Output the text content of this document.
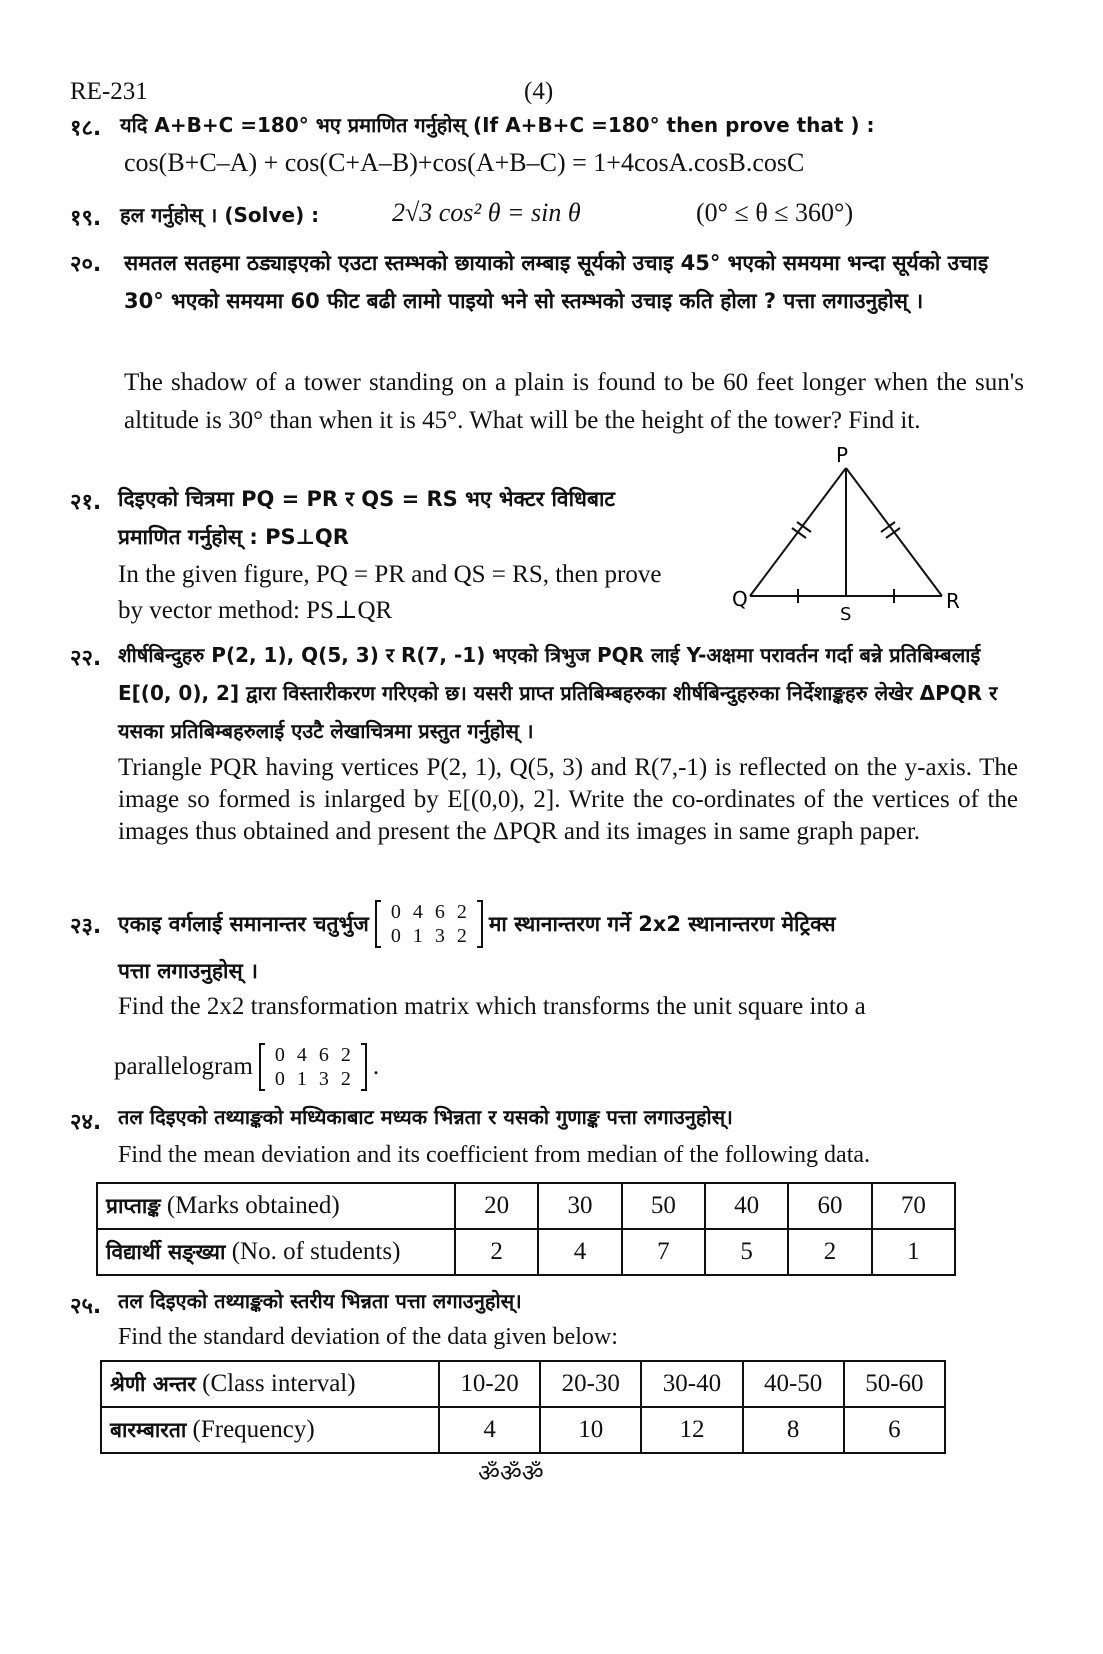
RE-231	(4)
१८. यदि A+B+C =180° भए प्रमाणित गर्नुहोस् (If A+B+C =180° then prove that ) :
cos(B+C–A) + cos(C+A–B)+cos(A+B–C) = 1+4cosA.cosB.cosC
१९. हल गर्नुहोस् । (Solve) :	2√3 cos² θ = sin θ	(0° ≤ θ ≤ 360°)
२०. समतल सतहमा ठड्याइएको एउटा स्तम्भको छायाको लम्बाइ सूर्यको उचाइ 45° भएको समयमा भन्दा सूर्यको उचाइ 30° भएको समयमा 60 फीट बढी लामो पाइयो भने सो स्तम्भको उचाइ कति होला ? पत्ता लगाउनुहोस् ।
The shadow of a tower standing on a plain is found to be 60 feet longer when the sun's altitude is 30° than when it is 45°. What will be the height of the tower? Find it.
२१. दिइएको चित्रमा PQ = PR र QS = RS भए भेक्टर विधिबाट
प्रमाणित गर्नुहोस् : PS⊥QR
In the given figure, PQ = PR and QS = RS, then prove
by vector method: PS⊥QR
P
Q	R
S
२२. शीर्षबिन्दुहरु P(2, 1), Q(5, 3) र R(7, -1) भएको त्रिभुज PQR लाई Y-अक्षमा परावर्तन गर्दा बन्ने प्रतिबिम्बलाई E[(0, 0), 2] द्वारा विस्तारीकरण गरिएको छ। यसरी प्राप्त प्रतिबिम्बहरुका शीर्षबिन्दुहरुका निर्देशाङ्कहरु लेखेर ΔPQR र यसका प्रतिबिम्बहरुलाई एउटै लेखाचित्रमा प्रस्तुत गर्नुहोस् ।
Triangle PQR having vertices P(2, 1), Q(5, 3) and R(7,-1) is reflected on the y-axis. The image so formed is inlarged by E[(0,0), 2]. Write the co-ordinates of the vertices of the images thus obtained and present the ΔPQR and its images in same graph paper.
२३. एकाइ वर्गलाई समानान्तर चतुर्भुज 0	4	6	2
0	1	3	2 मा स्थानान्तरण गर्ने 2x2 स्थानान्तरण मेट्रिक्स
पत्ता लगाउनुहोस् ।
Find the 2x2 transformation matrix which transforms the unit square into a
parallelogram 0	4	6	2
0	1	3	2 .
२४. तल दिइएको तथ्याङ्कको मध्यिकाबाट मध्यक भिन्नता र यसको गुणाङ्क पत्ता लगाउनुहोस्।
Find the mean deviation and its coefficient from median of the following data.
प्राप्ताङ्क (Marks obtained)	20	30	50	40	60	70
विद्यार्थी सङ्ख्या (No. of students)	2	4	7	5	2	1
२५. तल दिइएको तथ्याङ्कको स्तरीय भिन्नता पत्ता लगाउनुहोस्।
Find the standard deviation of the data given below:
श्रेणी अन्तर (Class interval)	10-20	20-30	30-40	40-50	50-60
बारम्बारता (Frequency)	4	10	12	8	6
ॐॐॐ
